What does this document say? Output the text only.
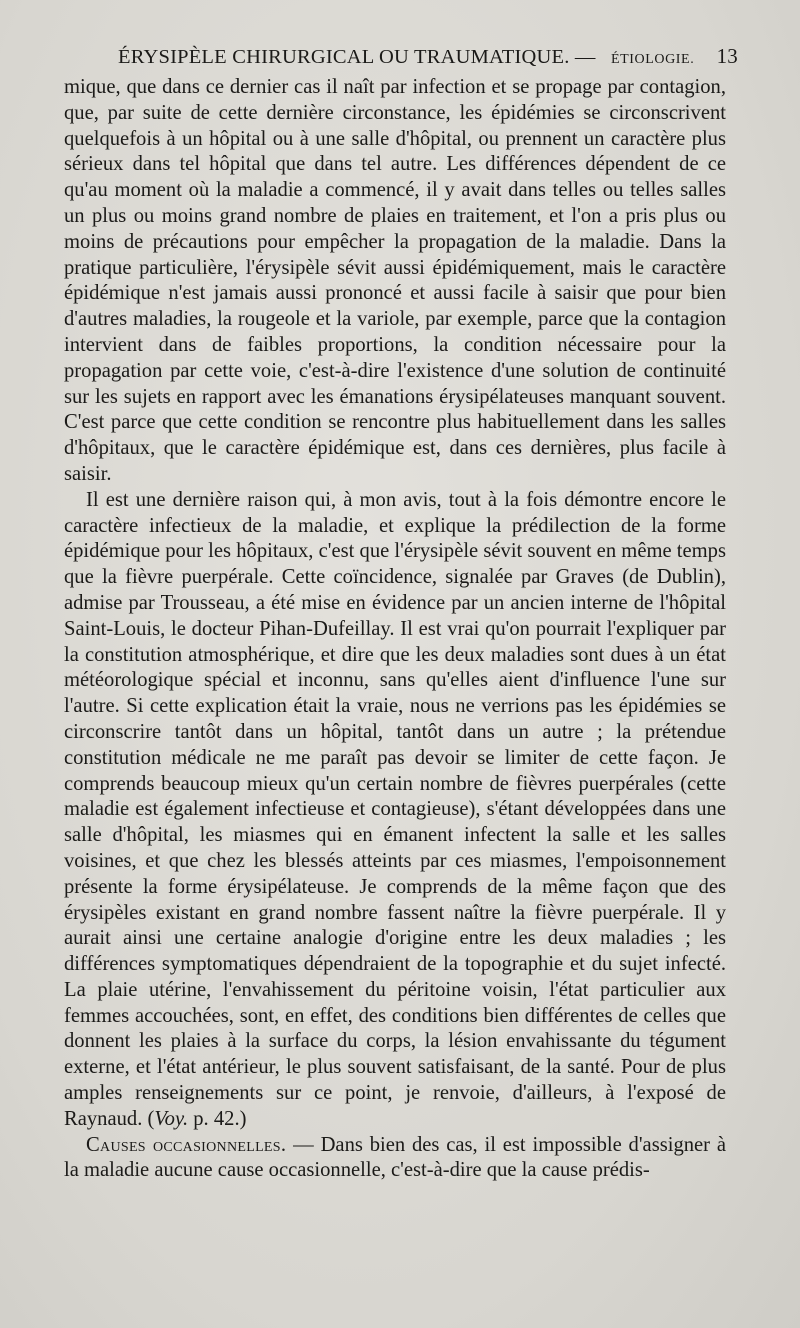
ÉRYSIPÈLE CHIRURGICAL OU TRAUMATIQUE. — ÉTIOLOGIE. 13

mique, que dans ce dernier cas il naît par infection et se propage par contagion, que, par suite de cette dernière circonstance, les épidémies se circonscrivent quelquefois à un hôpital ou à une salle d'hôpital, ou prennent un caractère plus sérieux dans tel hôpital que dans tel autre. Les différences dépendent de ce qu'au moment où la maladie a commencé, il y avait dans telles ou telles salles un plus ou moins grand nombre de plaies en traitement, et l'on a pris plus ou moins de précautions pour empêcher la propagation de la maladie. Dans la pratique particulière, l'érysipèle sévit aussi épidémiquement, mais le caractère épidémique n'est jamais aussi prononcé et aussi facile à saisir que pour bien d'autres maladies, la rougeole et la variole, par exemple, parce que la contagion intervient dans de faibles proportions, la condition nécessaire pour la propagation par cette voie, c'est-à-dire l'existence d'une solution de continuité sur les sujets en rapport avec les émanations érysipélateuses manquant souvent. C'est parce que cette condition se rencontre plus habituellement dans les salles d'hôpitaux, que le caractère épidémique est, dans ces dernières, plus facile à saisir.

Il est une dernière raison qui, à mon avis, tout à la fois démontre encore le caractère infectieux de la maladie, et explique la prédilection de la forme épidémique pour les hôpitaux, c'est que l'érysipèle sévit souvent en même temps que la fièvre puerpérale. Cette coïncidence, signalée par Graves (de Dublin), admise par Trousseau, a été mise en évidence par un ancien interne de l'hôpital Saint-Louis, le docteur Pihan-Dufeillay. Il est vrai qu'on pourrait l'expliquer par la constitution atmosphérique, et dire que les deux maladies sont dues à un état météorologique spécial et inconnu, sans qu'elles aient d'influence l'une sur l'autre. Si cette explication était la vraie, nous ne verrions pas les épidémies se circonscrire tantôt dans un hôpital, tantôt dans un autre ; la prétendue constitution médicale ne me paraît pas devoir se limiter de cette façon. Je comprends beaucoup mieux qu'un certain nombre de fièvres puerpérales (cette maladie est également infectieuse et contagieuse), s'étant développées dans une salle d'hôpital, les miasmes qui en émanent infectent la salle et les salles voisines, et que chez les blessés atteints par ces miasmes, l'empoisonnement présente la forme érysipélateuse. Je comprends de la même façon que des érysipèles existant en grand nombre fassent naître la fièvre puerpérale. Il y aurait ainsi une certaine analogie d'origine entre les deux maladies ; les différences symptomatiques dépendraient de la topographie et du sujet infecté. La plaie utérine, l'envahissement du péritoine voisin, l'état particulier aux femmes accouchées, sont, en effet, des conditions bien différentes de celles que donnent les plaies à la surface du corps, la lésion envahissante du tégument externe, et l'état antérieur, le plus souvent satisfaisant, de la santé. Pour de plus amples renseignements sur ce point, je renvoie, d'ailleurs, à l'exposé de Raynaud. (Voy. p. 42.)

Causes occasionnelles. — Dans bien des cas, il est impossible d'assigner à la maladie aucune cause occasionnelle, c'est-à-dire que la cause prédis-
